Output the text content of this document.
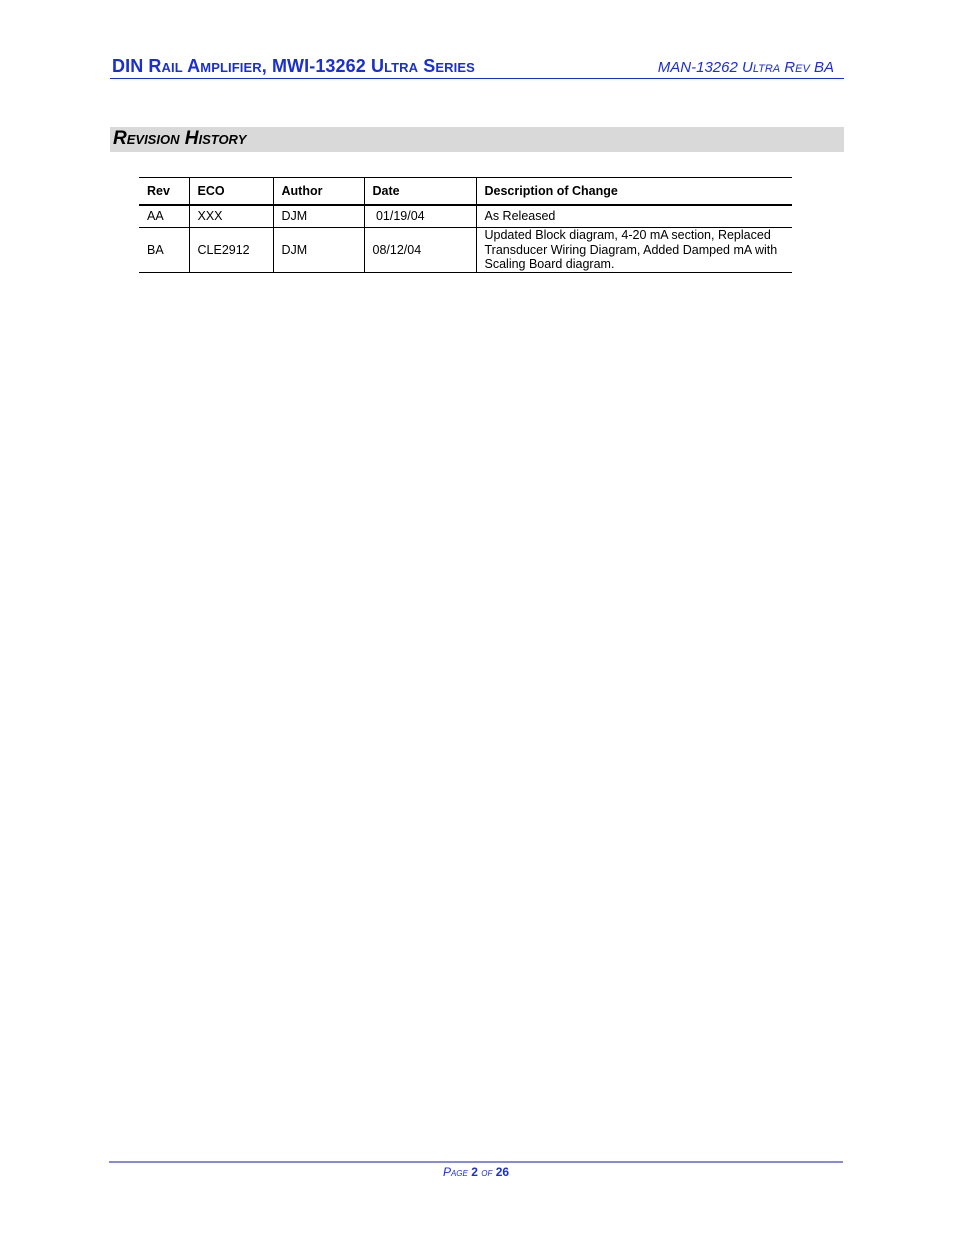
DIN Rail Amplifier, MWI-13262 Ultra Series	MAN-13262 Ultra Rev BA
Revision History
Rev	ECO	Author	Date	Description of Change
AA	XXX	DJM	01/19/04	As Released
BA	CLE2912	DJM	08/12/04	Updated Block diagram, 4-20 mA section, Replaced Transducer Wiring Diagram, Added Damped mA with Scaling Board diagram.
Page 2 of 26
